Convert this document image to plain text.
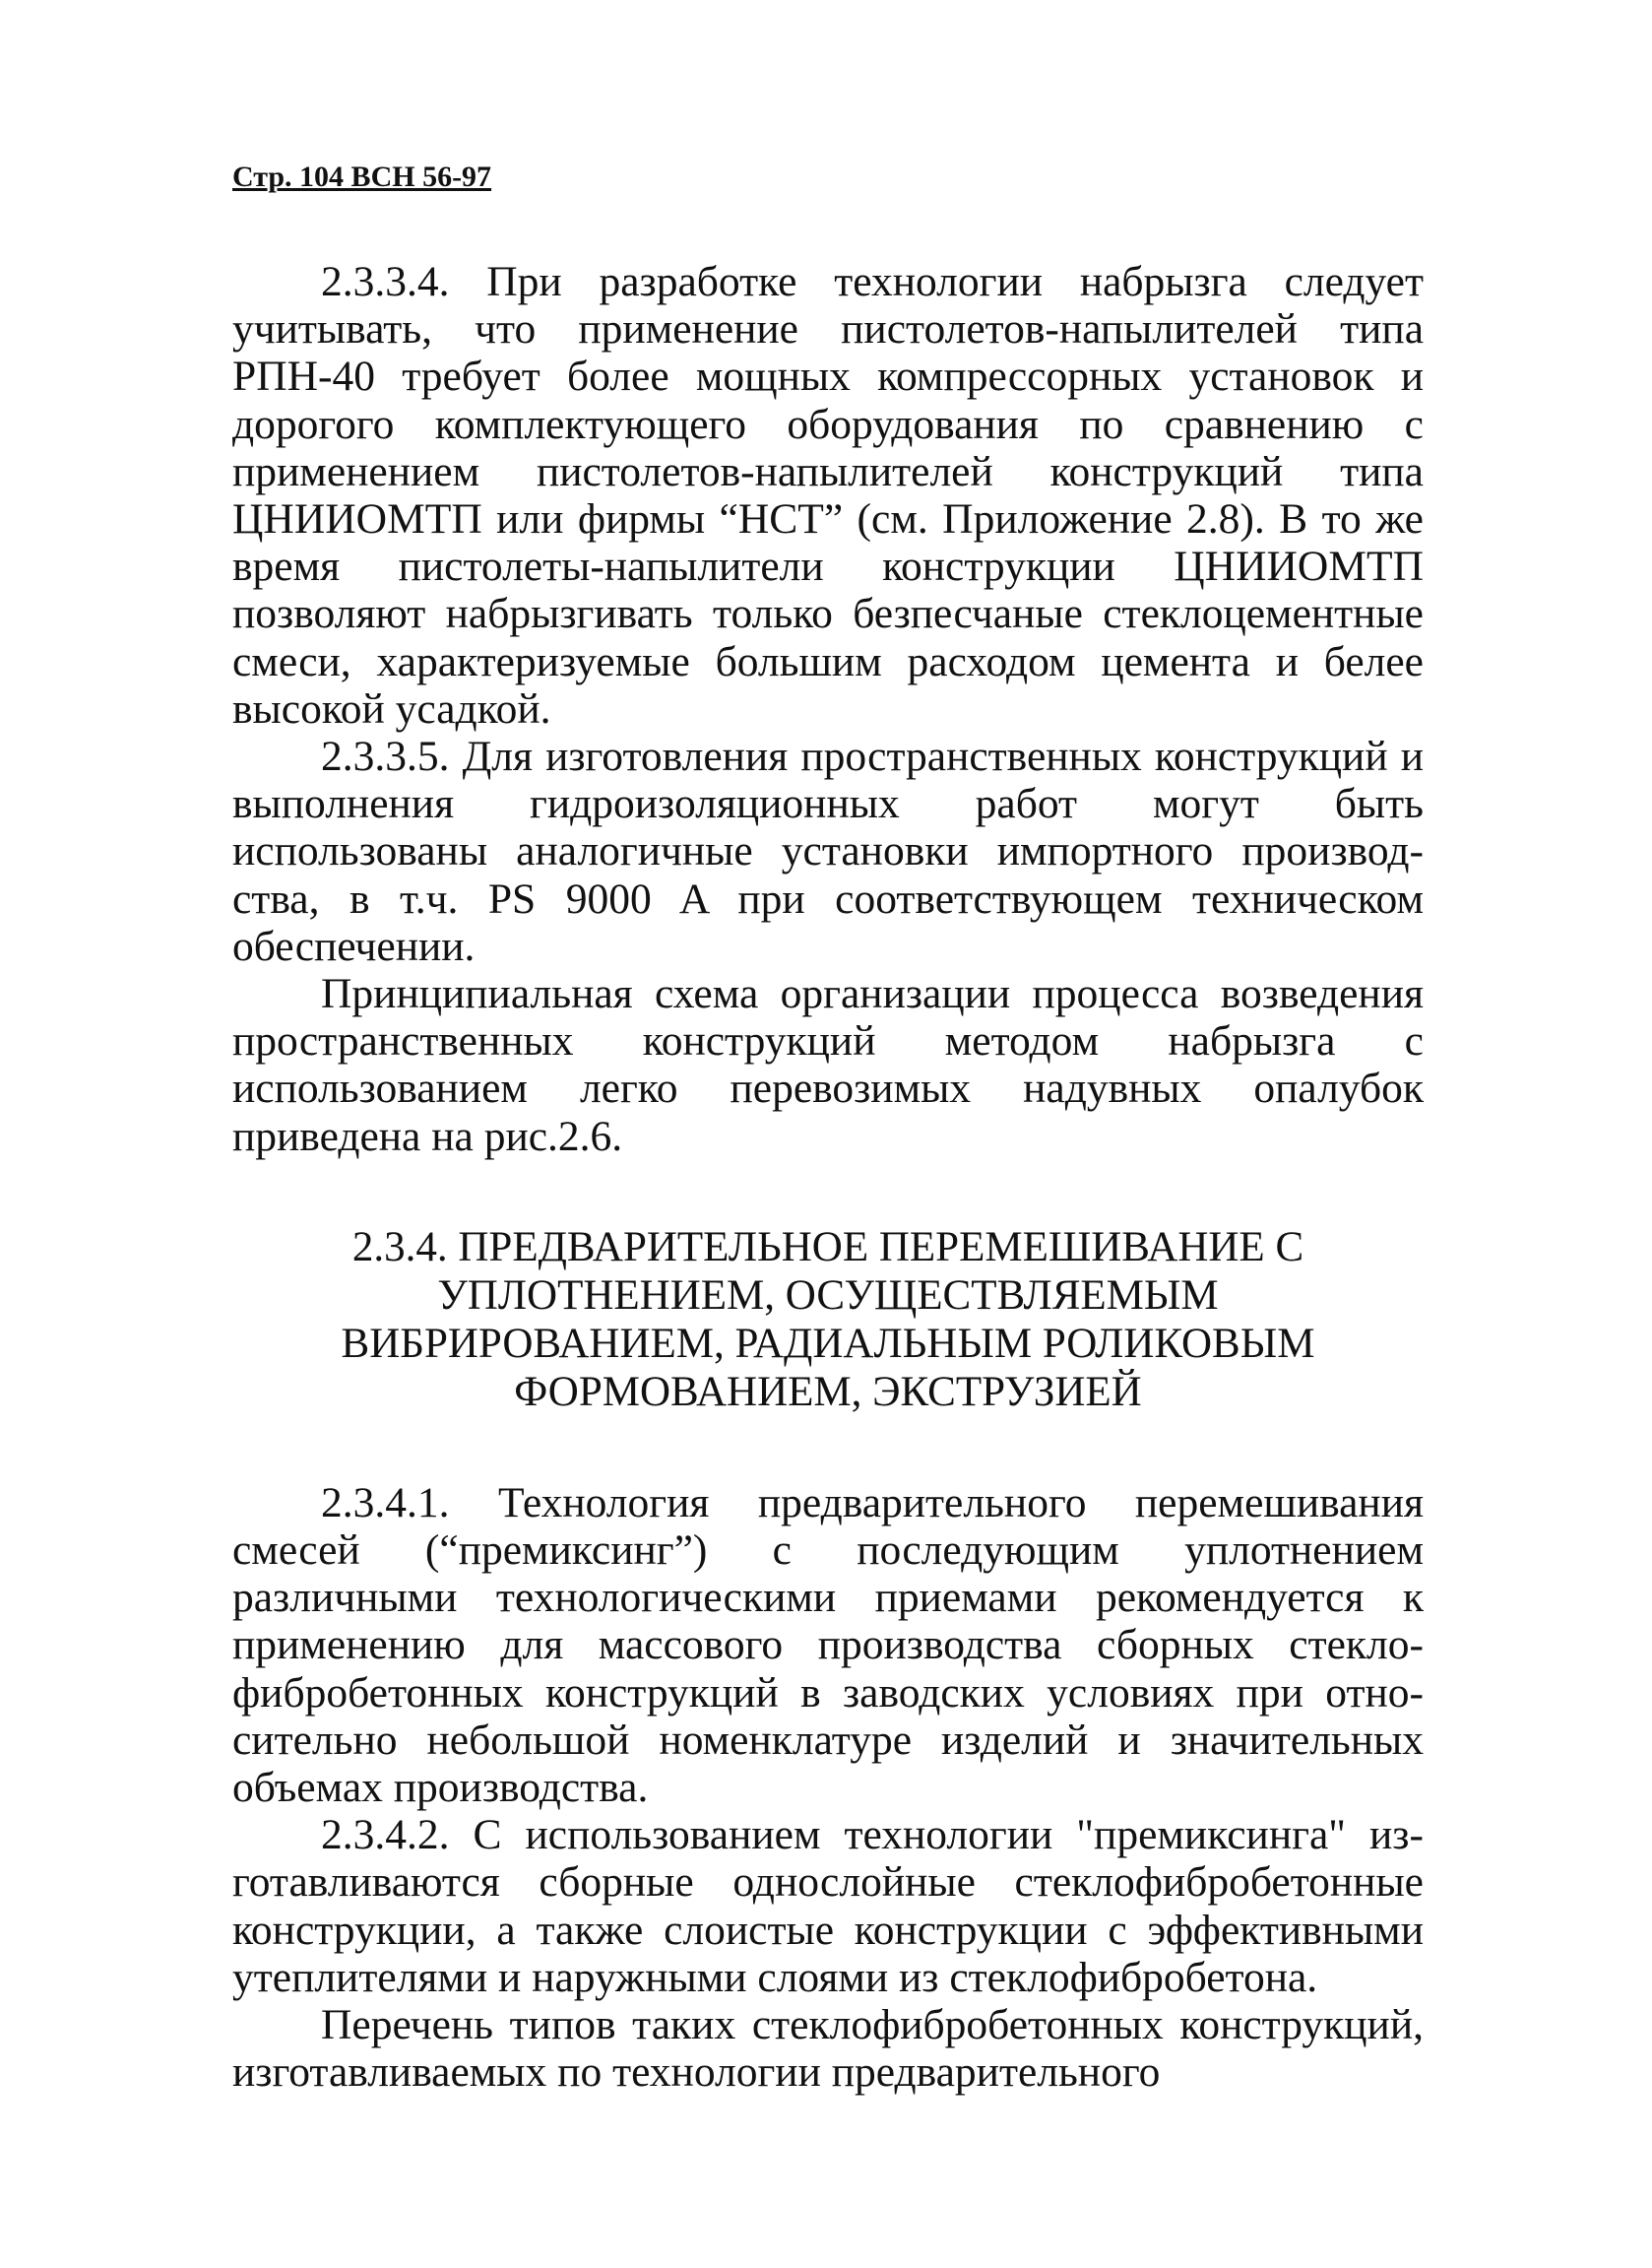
Стр. 104 ВСН 56-97

2.3.3.4. При разработке технологии набрызга следует учитывать, что применение пистолетов-напылителей типа РПН-40 требует более мощных компрессорных установок и дорогого комплектующего оборудования по сравнению с применением пистолетов-напылителей конструкций типа ЦНИИОМТП или фирмы “НСТ” (см. Приложение 2.8). В то же время пистолеты-напылители конструкции ЦНИИОМТП позволяют набрызгивать только безпесчаные стеклоцементные смеси, характеризуемые большим расходом цемента и белее высокой усадкой.

2.3.3.5. Для изготовления пространственных конструкций и выполнения гидроизоляционных работ могут быть использованы аналогичные установки импортного производства, в т.ч. PS 9000 A при соответствующем техническом обеспечении.

Принципиальная схема организации процесса возведения пространственных конструкций методом набрызга с использованием легко перевозимых надувных опалубок приведена на рис.2.6.

2.3.4. ПРЕДВАРИТЕЛЬНОЕ ПЕРЕМЕШИВАНИЕ С
УПЛОТНЕНИЕМ, ОСУЩЕСТВЛЯЕМЫМ
ВИБРИРОВАНИЕМ, РАДИАЛЬНЫМ РОЛИКОВЫМ
ФОРМОВАНИЕМ, ЭКСТРУЗИЕЙ

2.3.4.1. Технология предварительного перемешивания смесей (“премиксинг”) с последующим уплотнением различными технологическими приемами рекомендуется к применению для массового производства сборных стеклофибробетонных конструкций в заводских условиях при относительно небольшой номенклатуре изделий и значительных объемах производства.

2.3.4.2. С использованием технологии "премиксинга" изготавливаются сборные однослойные стеклофибробетонные конструкции, а также слоистые конструкции с эффективными утеплителями и наружными слоями из стеклофибробетона.

Перечень типов таких стеклофибробетонных конструкций, изготавливаемых по технологии предварительного
